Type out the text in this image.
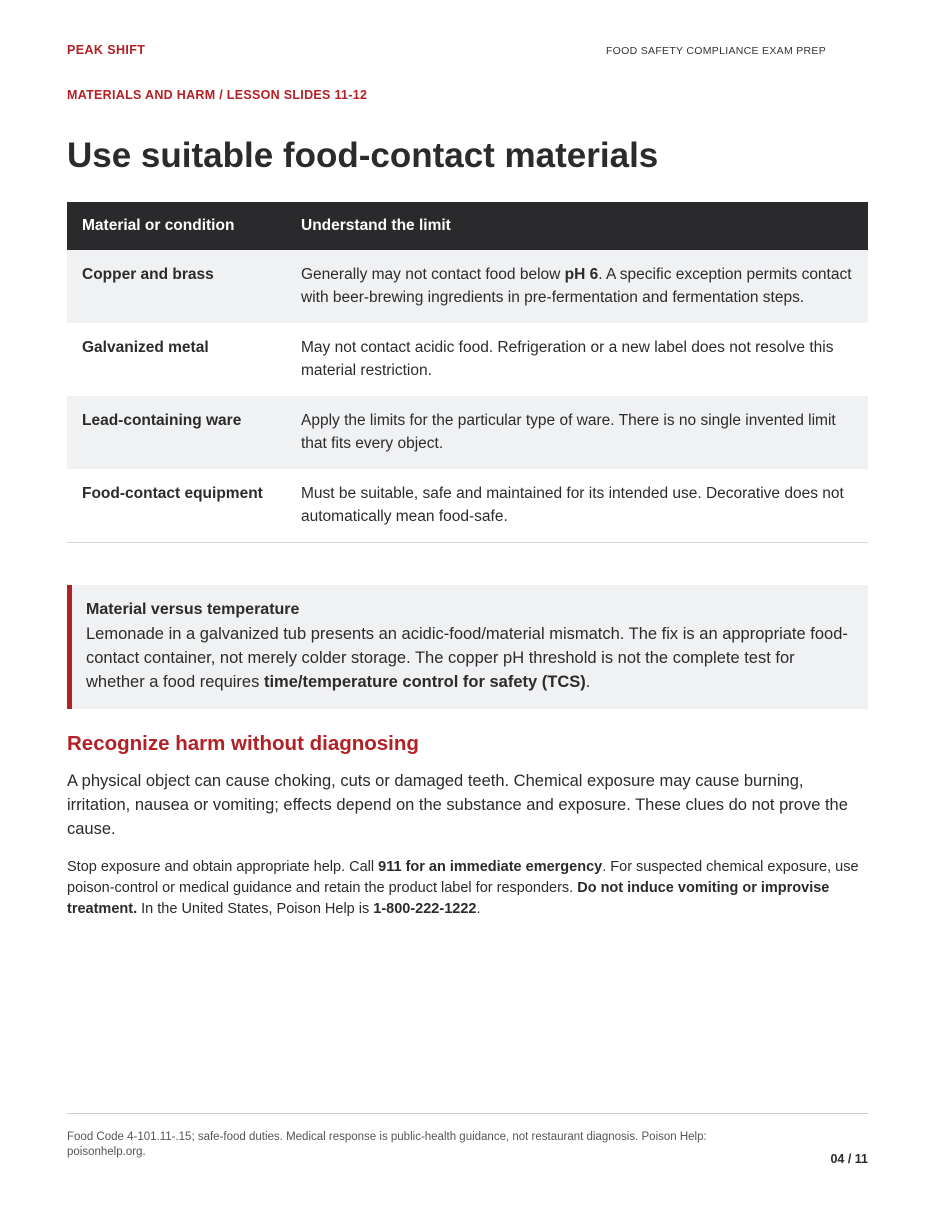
PEAK SHIFT	FOOD SAFETY COMPLIANCE EXAM PREP
MATERIALS AND HARM / LESSON SLIDES 11-12
Use suitable food-contact materials
Material or condition	Understand the limit
Copper and brass	Generally may not contact food below pH 6. A specific exception permits contact with beer-brewing ingredients in pre-fermentation and fermentation steps.
Galvanized metal	May not contact acidic food. Refrigeration or a new label does not resolve this material restriction.
Lead-containing ware	Apply the limits for the particular type of ware. There is no single invented limit that fits every object.
Food-contact equipment	Must be suitable, safe and maintained for its intended use. Decorative does not automatically mean food-safe.
Material versus temperature
Lemonade in a galvanized tub presents an acidic-food/material mismatch. The fix is an appropriate food-contact container, not merely colder storage. The copper pH threshold is not the complete test for whether a food requires time/temperature control for safety (TCS).
Recognize harm without diagnosing

A physical object can cause choking, cuts or damaged teeth. Chemical exposure may cause burning, irritation, nausea or vomiting; effects depend on the substance and exposure. These clues do not prove the cause.

Stop exposure and obtain appropriate help. Call 911 for an immediate emergency. For suspected chemical exposure, use poison-control or medical guidance and retain the product label for responders. Do not induce vomiting or improvise treatment. In the United States, Poison Help is 1-800-222-1222.

Food Code 4-101.11-.15; safe-food duties. Medical response is public-health guidance, not restaurant diagnosis. Poison Help: poisonhelp.org.	04 / 11
